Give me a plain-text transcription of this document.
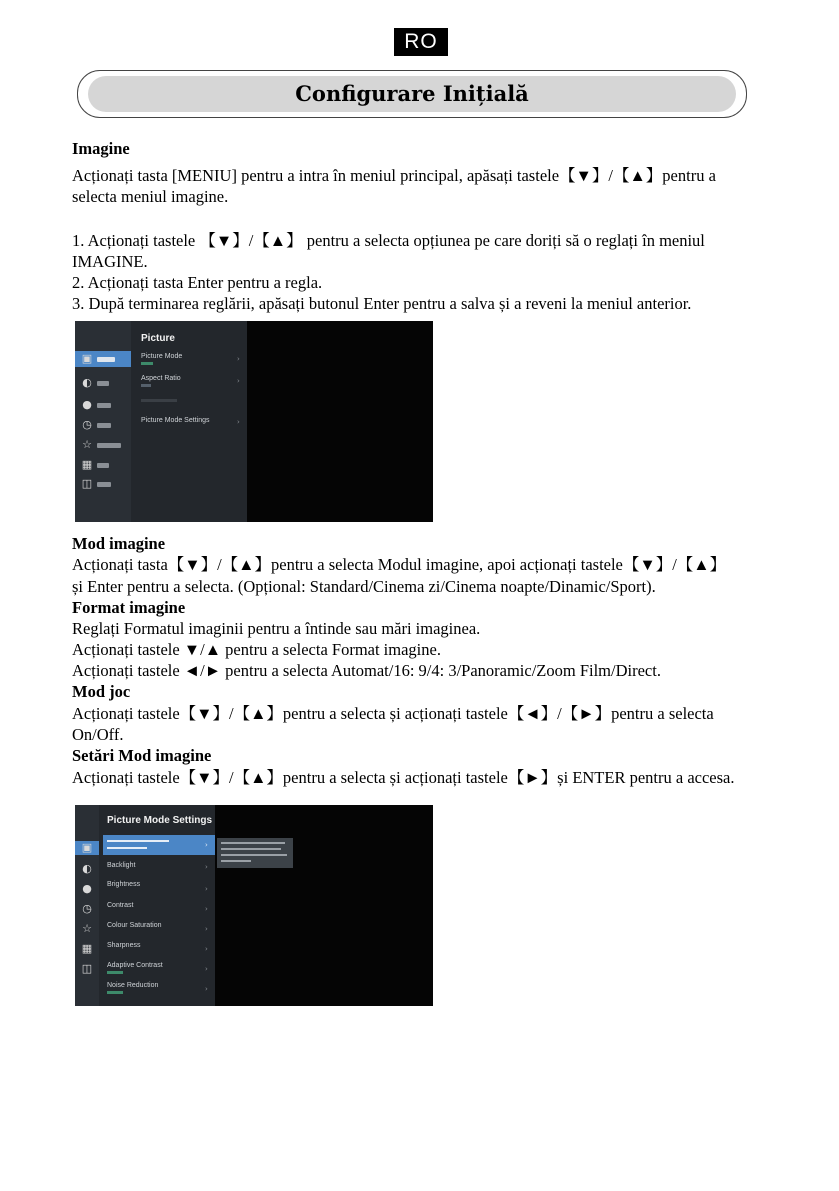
RO
Configurare Inițială
Imagine
Acționați tasta [MENIU] pentru a intra în meniul principal, apăsați tastele【▼】/【▲】pentru a
selecta meniul imagine.
1. Acționați tastele 【▼】/【▲】 pentru a selecta opțiunea pe care doriți să o reglați în meniul
IMAGINE.
2. Acționați tasta Enter pentru a regla.
3. După terminarea reglării, apăsați butonul Enter pentru a salva și a reveni la meniul anterior.
▣
◐
●
◷
☆
▦
◫
Picture
Picture Mode	›
Aspect Ratio	›
Picture Mode Settings	›
Mod imagine
Acționați tasta【▼】/【▲】pentru a selecta Modul imagine, apoi acționați tastele【▼】/【▲】
și Enter pentru a selecta. (Opțional: Standard/Cinema zi/Cinema noapte/Dinamic/Sport).
Format imagine
Reglați Formatul imaginii pentru a întinde sau mări imaginea.
Acționați tastele ▼/▲ pentru a selecta Format imagine.
Acționați tastele ◄/► pentru a selecta Automat/16: 9/4: 3/Panoramic/Zoom Film/Direct.
Mod joc
Acționați tastele【▼】/【▲】pentru a selecta și acționați tastele【◄】/【►】pentru a selecta
On/Off.
Setări Mod imagine
Acționați tastele【▼】/【▲】pentru a selecta și acționați tastele【►】și ENTER pentru a accesa.
▣
◐
●
◷
☆
▦
◫
Picture Mode Settings
›
Backlight	›
Brightness
›
Contrast	›
Colour Saturation	›
Sharpness	›
Adaptive Contrast	›
Noise Reduction	›
